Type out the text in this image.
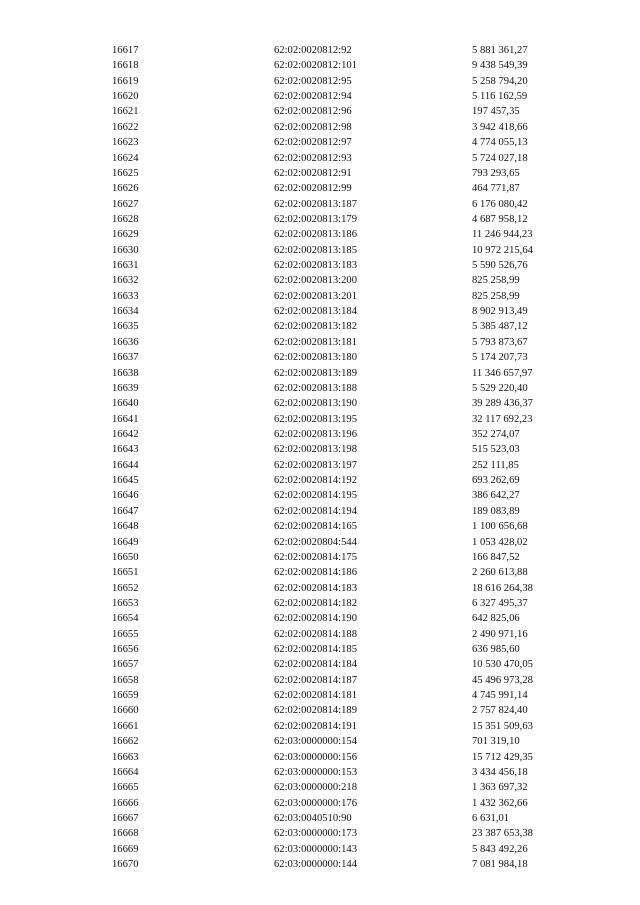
16617	62:02:0020812:92	5 881 361,27
16618	62:02:0020812:101	9 438 549,39
16619	62:02:0020812:95	5 258 794,20
16620	62:02:0020812:94	5 116 162,59
16621	62:02:0020812:96	197 457,35
16622	62:02:0020812:98	3 942 418,66
16623	62:02:0020812:97	4 774 055,13
16624	62:02:0020812:93	5 724 027,18
16625	62:02:0020812:91	793 293,65
16626	62:02:0020812:99	464 771,87
16627	62:02:0020813:187	6 176 080,42
16628	62:02:0020813:179	4 687 958,12
16629	62:02:0020813:186	11 246 944,23
16630	62:02:0020813:185	10 972 215,64
16631	62:02:0020813:183	5 590 526,76
16632	62:02:0020813:200	825 258,99
16633	62:02:0020813:201	825 258,99
16634	62:02:0020813:184	8 902 913,49
16635	62:02:0020813:182	5 385 487,12
16636	62:02:0020813:181	5 793 873,67
16637	62:02:0020813:180	5 174 207,73
16638	62:02:0020813:189	11 346 657,97
16639	62:02:0020813:188	5 529 220,40
16640	62:02:0020813:190	39 289 436,37
16641	62:02:0020813:195	32 117 692,23
16642	62:02:0020813:196	352 274,07
16643	62:02:0020813:198	515 523,03
16644	62:02:0020813:197	252 111,85
16645	62:02:0020814:192	693 262,69
16646	62:02:0020814:195	386 642,27
16647	62:02:0020814:194	189 083,89
16648	62:02:0020814:165	1 100 656,68
16649	62:02:0020804:544	1 053 428,02
16650	62:02:0020814:175	166 847,52
16651	62:02:0020814:186	2 260 613,88
16652	62:02:0020814:183	18 616 264,38
16653	62:02:0020814:182	6 327 495,37
16654	62:02:0020814:190	642 825,06
16655	62:02:0020814:188	2 490 971,16
16656	62:02:0020814:185	636 985,60
16657	62:02:0020814:184	10 530 470,05
16658	62:02:0020814:187	45 496 973,28
16659	62:02:0020814:181	4 745 991,14
16660	62:02:0020814:189	2 757 824,40
16661	62:02:0020814:191	15 351 509,63
16662	62:03:0000000:154	701 319,10
16663	62:03:0000000:156	15 712 429,35
16664	62:03:0000000:153	3 434 456,18
16665	62:03:0000000:218	1 363 697,32
16666	62:03:0000000:176	1 432 362,66
16667	62:03:0040510:90	6 631,01
16668	62:03:0000000:173	23 387 653,38
16669	62:03:0000000:143	5 843 492,26
16670	62:03:0000000:144	7 081 984,18
